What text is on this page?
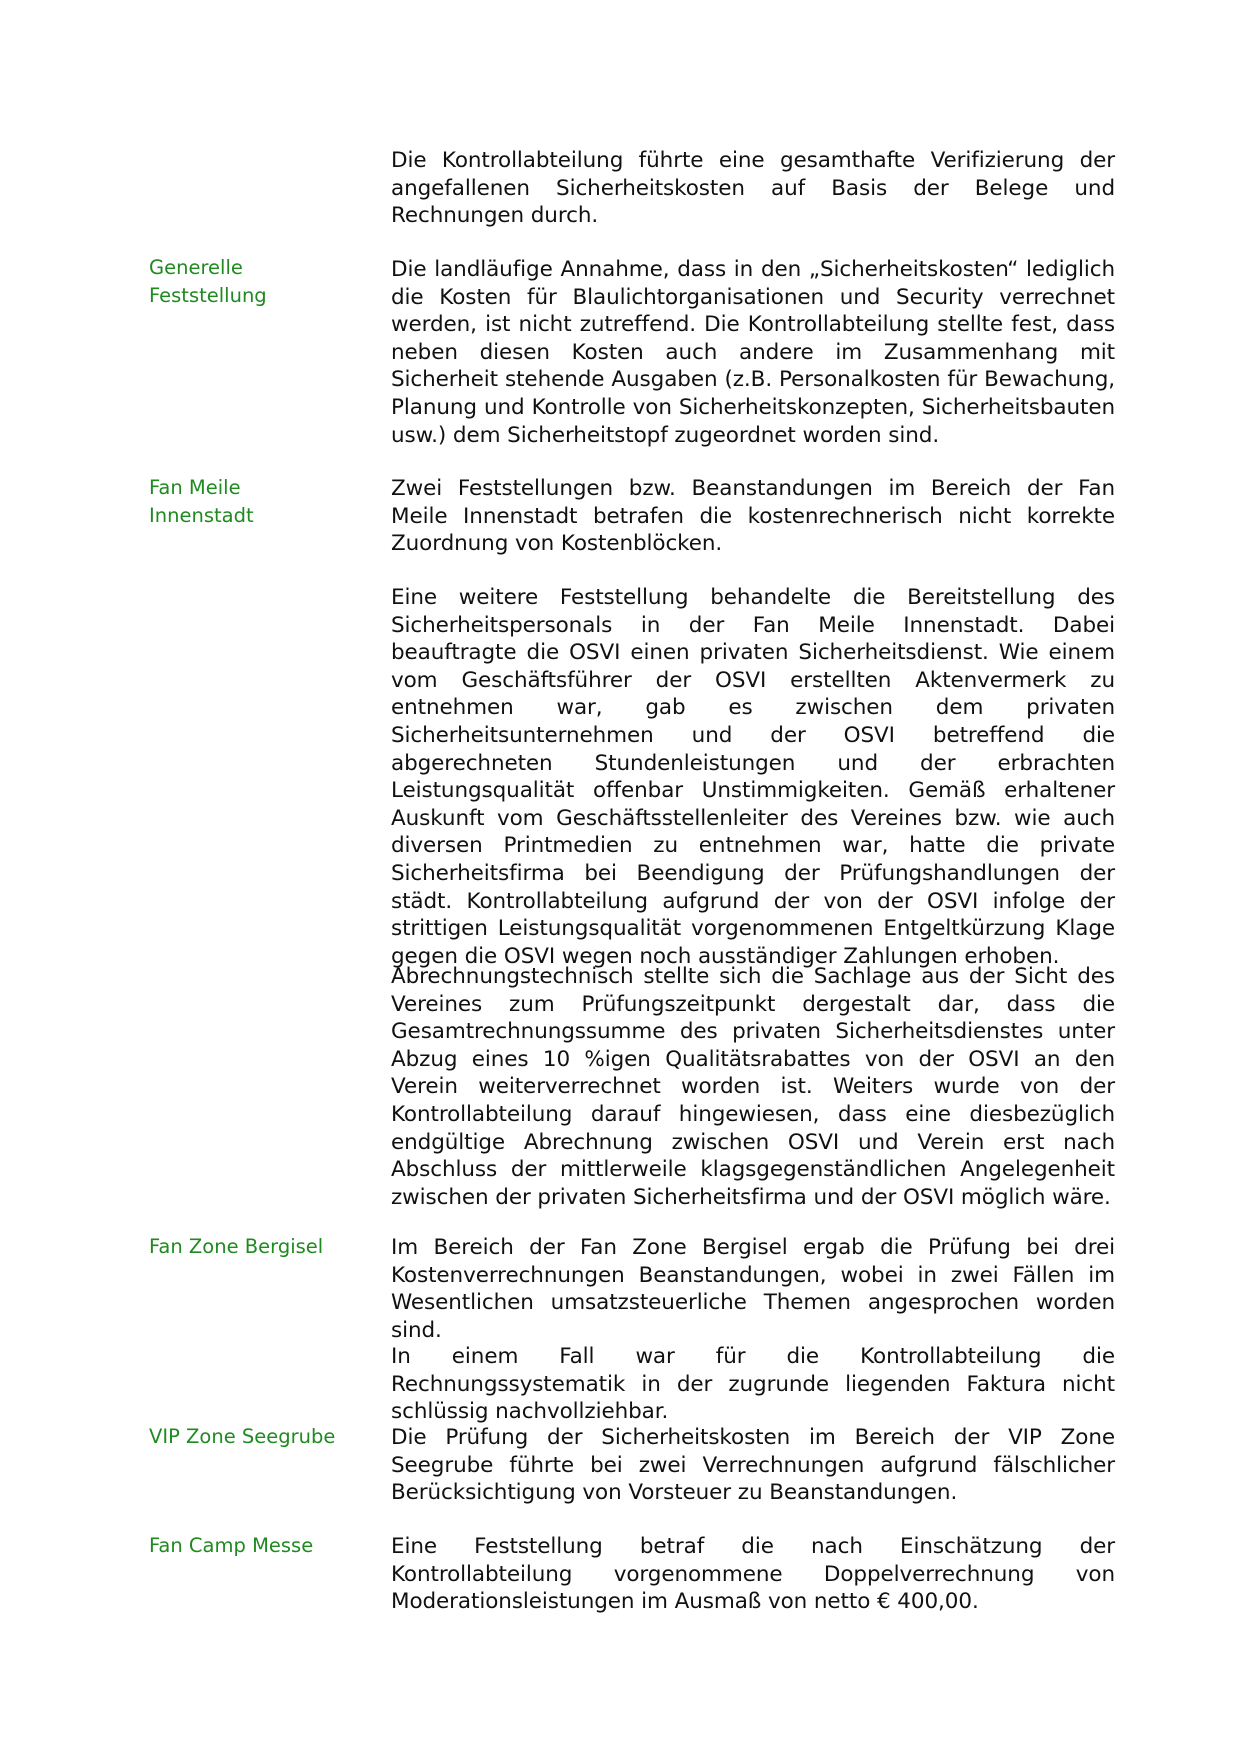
Die Kontrollabteilung führte eine gesamthafte Verifizierung der angefallenen Sicherheitskosten auf Basis der Belege und Rechnungen durch.

Generelle Feststellung

Die landläufige Annahme, dass in den „Sicherheitskosten“ lediglich die Kosten für Blaulichtorganisationen und Security verrechnet werden, ist nicht zutreffend. Die Kontrollabteilung stellte fest, dass neben diesen Kosten auch andere im Zusammenhang mit Sicherheit stehende Ausgaben (z.B. Personalkosten für Bewachung, Planung und Kontrolle von Sicherheitskonzepten, Sicherheitsbauten usw.) dem Sicherheitstopf zugeordnet worden sind.

Fan Meile Innenstadt

Zwei Feststellungen bzw. Beanstandungen im Bereich der Fan Meile Innenstadt betrafen die kostenrechnerisch nicht korrekte Zuordnung von Kostenblöcken.

Eine weitere Feststellung behandelte die Bereitstellung des Sicherheitspersonals in der Fan Meile Innenstadt. Dabei beauftragte die OSVI einen privaten Sicherheitsdienst. Wie einem vom Geschäftsführer der OSVI erstellten Aktenvermerk zu entnehmen war, gab es zwischen dem privaten Sicherheitsunternehmen und der OSVI betreffend die abgerechneten Stundenleistungen und der erbrachten Leistungsqualität offenbar Unstimmigkeiten. Gemäß erhaltener Auskunft vom Geschäftsstellenleiter des Vereines bzw. wie auch diversen Printmedien zu entnehmen war, hatte die private Sicherheitsfirma bei Beendigung der Prüfungshandlungen der städt. Kontrollabteilung aufgrund der von der OSVI infolge der strittigen Leistungsqualität vorgenommenen Entgeltkürzung Klage gegen die OSVI wegen noch ausständiger Zahlungen erhoben.

Abrechnungstechnisch stellte sich die Sachlage aus der Sicht des Vereines zum Prüfungszeitpunkt dergestalt dar, dass die Gesamtrechnungssumme des privaten Sicherheitsdienstes unter Abzug eines 10 %igen Qualitätsrabattes von der OSVI an den Verein weiterverrechnet worden ist. Weiters wurde von der Kontrollabteilung darauf hingewiesen, dass eine diesbezüglich endgültige Abrechnung zwischen OSVI und Verein erst nach Abschluss der mittlerweile klagsgegenständlichen Angelegenheit zwischen der privaten Sicherheitsfirma und der OSVI möglich wäre.

Fan Zone Bergisel	Im Bereich der Fan Zone Bergisel ergab die Prüfung bei drei Kostenverrechnungen Beanstandungen, wobei in zwei Fällen im Wesentlichen umsatzsteuerliche Themen angesprochen worden sind.

In einem Fall war für die Kontrollabteilung die Rechnungssystematik in der zugrunde liegenden Faktura nicht schlüssig nachvollziehbar.

VIP Zone Seegrube	Die Prüfung der Sicherheitskosten im Bereich der VIP Zone Seegrube führte bei zwei Verrechnungen aufgrund fälschlicher Berücksichtigung von Vorsteuer zu Beanstandungen.

Fan Camp Messe	Eine Feststellung betraf die nach Einschätzung der Kontrollabteilung vorgenommene Doppelverrechnung von Moderationsleistungen im Ausmaß von netto € 400,00.
